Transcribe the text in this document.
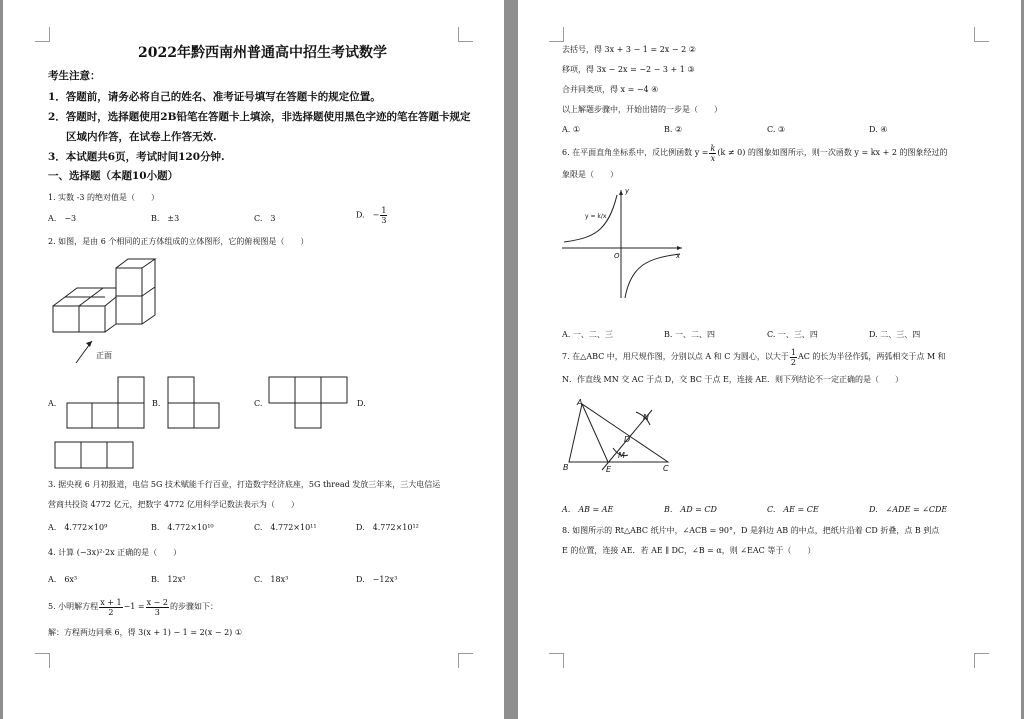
2022年黔西南州普通高中招生考试数学
考生注意：
1．答题前，请务必将自己的姓名、准考证号填写在答题卡的规定位置。
2．答题时，选择题使用2B铅笔在答题卡上填涂，非选择题使用黑色字迹的笔在答题卡规定
区域内作答，在试卷上作答无效.
3．本试题共6页，考试时间120分钟.
一、选择题（本题10小题）
1. 实数 -3 的绝对值是（　　）
A.　−3	B.　±3	C.　3	D.　− $\frac{1}{3}$
2. 如图，是由 6 个相同的正方体组成的立体图形，它的俯视图是（　　）
正面
A.	B.	C.	D.
3. 据央视 6 月初报道，电信 5G 技术赋能千行百业，打造数字经济底座，5G thread 发放三年来，三大电信运
营商共投资 4772 亿元，把数字 4772 亿用科学记数法表示为（　　）
A.　4.772×10⁹	B.　4.772×10¹⁰	C.　4.772×10¹¹	D.　4.772×10¹²
4. 计算 (−3x)²·2x 正确的是（　　）
A.　6x³	B.　12x³	C.　18x³	D.　−12x³
5. 小明解方程 $\frac{x + 1}{2} -1 = \frac{x - 2}{3}$ 的步骤如下：
解：方程两边同乘 6，得 3(x + 1) − 1 = 2(x − 2) ①
去括号，得 3x + 3 − 1 = 2x − 2 ②
移项，得 3x − 2x = −2 − 3 + 1 ③
合并同类项，得 x = −4 ④
以上解题步骤中，开始出错的一步是（　　）
A. ①	B. ②	C. ③	D. ④
6. 在平面直角坐标系中，反比例函数 $y = \frac{k}{x} (k \ne 0)$ 的图象如图所示，则一次函数 y = kx + 2 的图象经过的
象限是（　　）
y = k/x
y
x
O
A. 一、二、三	B. 一、二、四	C. 一、三、四	D. 二、三、四
7. 在△ABC 中，用尺规作图，分别以点 A 和 C 为圆心，以大于 $\frac{1}{2}$ AC 的长为半径作弧，两弧相交于点 M 和
N．作直线 MN 交 AC 于点 D，交 BC 于点 E，连接 AE．则下列结论不一定正确的是（　　）
A
B	C
D
E
M
N
A.　AB = AE	B.　AD = CD	C.　AE = CE	D.　∠ADE = ∠CDE
8. 如图所示的 Rt△ABC 纸片中，∠ACB = 90°，D 是斜边 AB 的中点，把纸片沿着 CD 折叠，点 B 到点
E 的位置，连接 AE．若 AE ∥ DC，∠B = α，则 ∠EAC 等于（　　）
